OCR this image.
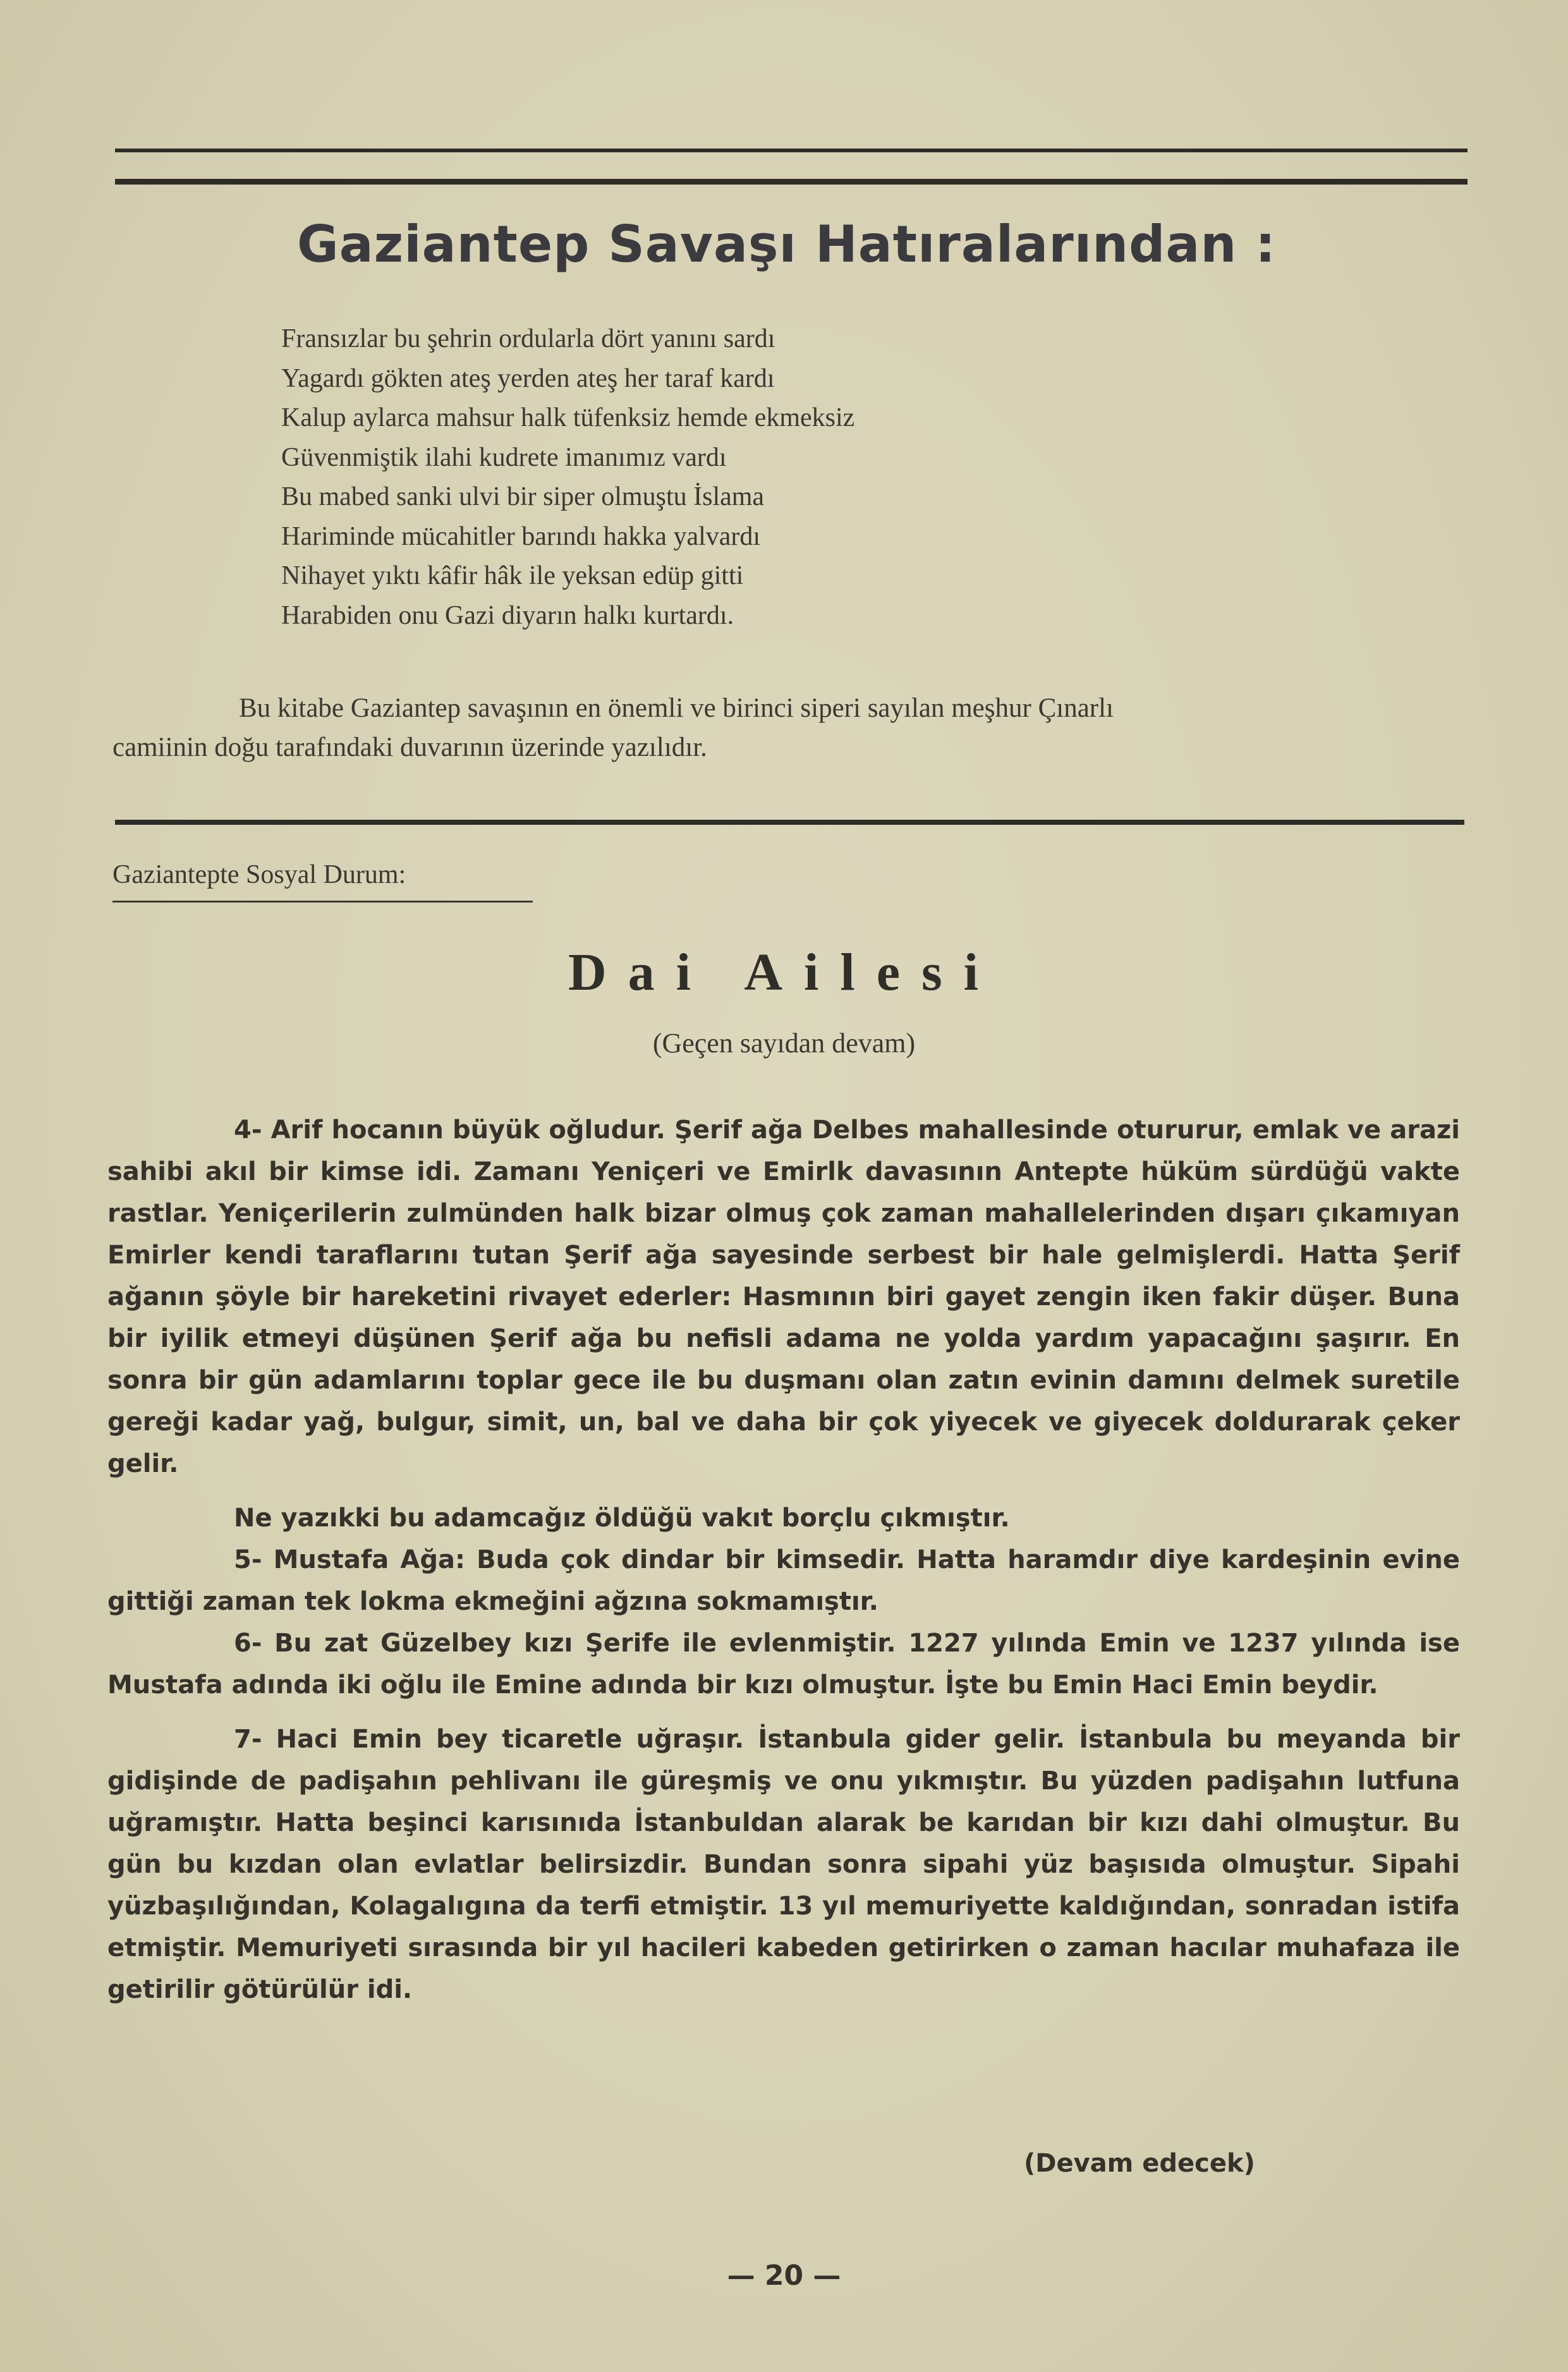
Gaziantep Savaşı Hatıralarından :
Fransızlar bu şehrin ordularla dört yanını sardı
Yagardı gökten ateş yerden ateş her taraf kardı
Kalup aylarca mahsur halk tüfenksiz hemde ekmeksiz
Güvenmiştik ilahi kudrete imanımız vardı
Bu mabed sanki ulvi bir siper olmuştu İslama
Hariminde mücahitler barındı hakka yalvardı
Nihayet yıktı kâfir hâk ile yeksan edüp gitti
Harabiden onu Gazi diyarın halkı kurtardı.
Bu kitabe Gaziantep savaşının en önemli ve birinci siperi sayılan meşhur Çınarlı
camiinin doğu tarafındaki duvarının üzerinde yazılıdır.
Gaziantepte Sosyal Durum:
Dai Ailesi
(Geçen sayıdan devam)

4- Arif hocanın büyük oğludur. Şerif ağa Delbes mahallesinde otururur, emlak ve arazi sahibi akıl bir kimse idi. Zamanı Yeniçeri ve Emirlk davasının Antepte hüküm sürdüğü vakte rastlar. Yeniçerilerin zulmünden halk bizar olmuş çok zaman mahallelerinden dışarı çıkamıyan Emirler kendi taraflarını tutan Şerif ağa sayesinde serbest bir hale gelmişlerdi. Hatta Şerif ağanın şöyle bir hareketini rivayet ederler: Hasmının biri gayet zengin iken fakir düşer. Buna bir iyilik etmeyi düşünen Şerif ağa bu nefisli adama ne yolda yardım yapacağını şaşırır. En sonra bir gün adamlarını toplar gece ile bu duşmanı olan zatın evinin damını delmek suretile gereği kadar yağ, bulgur, simit, un, bal ve daha bir çok yiyecek ve giyecek doldurarak çeker gelir.

Ne yazıkki bu adamcağız öldüğü vakıt borçlu çıkmıştır.

5- Mustafa Ağa: Buda çok dindar bir kimsedir. Hatta haramdır diye kardeşinin evine gittiği zaman tek lokma ekmeğini ağzına sokmamıştır.

6- Bu zat Güzelbey kızı Şerife ile evlenmiştir. 1227 yılında Emin ve 1237 yılında ise Mustafa adında iki oğlu ile Emine adında bir kızı olmuştur. İşte bu Emin Haci Emin beydir.

7- Haci Emin bey ticaretle uğraşır. İstanbula gider gelir. İstanbula bu meyanda bir gidişinde de padişahın pehlivanı ile güreşmiş ve onu yıkmıştır. Bu yüzden padişahın lutfuna uğramıştır. Hatta beşinci karısınıda İstanbuldan alarak be karıdan bir kızı dahi olmuştur. Bu gün bu kızdan olan evlatlar belirsizdir. Bundan sonra sipahi yüz başısıda olmuştur. Sipahi yüzbaşılığından, Kolagalıgına da terfi etmiştir. 13 yıl memuriyette kaldığından, sonradan istifa etmiştir. Memuriyeti sırasında bir yıl hacileri kabeden getirirken o zaman hacılar muhafaza ile getirilir götürülür idi.

(Devam edecek)
— 20 —
